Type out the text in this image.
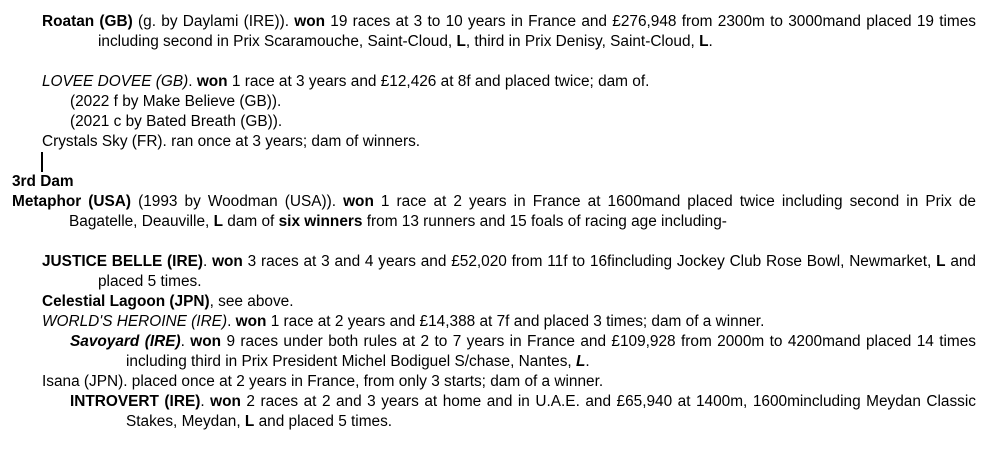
Roatan (GB) (g. by Daylami (IRE)). won 19 races at 3 to 10 years in France and £276,948 from 2300m to 3000mand placed 19 times including second in Prix Scaramouche, Saint-Cloud, L, third in Prix Denisy, Saint-Cloud, L.
LOVEE DOVEE (GB). won 1 race at 3 years and £12,426 at 8f and placed twice; dam of.
(2022 f by Make Believe (GB)).
(2021 c by Bated Breath (GB)).
Crystals Sky (FR). ran once at 3 years; dam of winners.
3rd Dam
Metaphor (USA) (1993 by Woodman (USA)). won 1 race at 2 years in France at 1600mand placed twice including second in Prix de Bagatelle, Deauville, L dam of six winners from 13 runners and 15 foals of racing age including-
JUSTICE BELLE (IRE). won 3 races at 3 and 4 years and £52,020 from 11f to 16fincluding Jockey Club Rose Bowl, Newmarket, L and placed 5 times.
Celestial Lagoon (JPN), see above.
WORLD'S HEROINE (IRE). won 1 race at 2 years and £14,388 at 7f and placed 3 times; dam of a winner.
Savoyard (IRE). won 9 races under both rules at 2 to 7 years in France and £109,928 from 2000m to 4200mand placed 14 times including third in Prix President Michel Bodiguel S/chase, Nantes, L.
Isana (JPN). placed once at 2 years in France, from only 3 starts; dam of a winner.
INTROVERT (IRE). won 2 races at 2 and 3 years at home and in U.A.E. and £65,940 at 1400m, 1600mincluding Meydan Classic Stakes, Meydan, L and placed 5 times.
